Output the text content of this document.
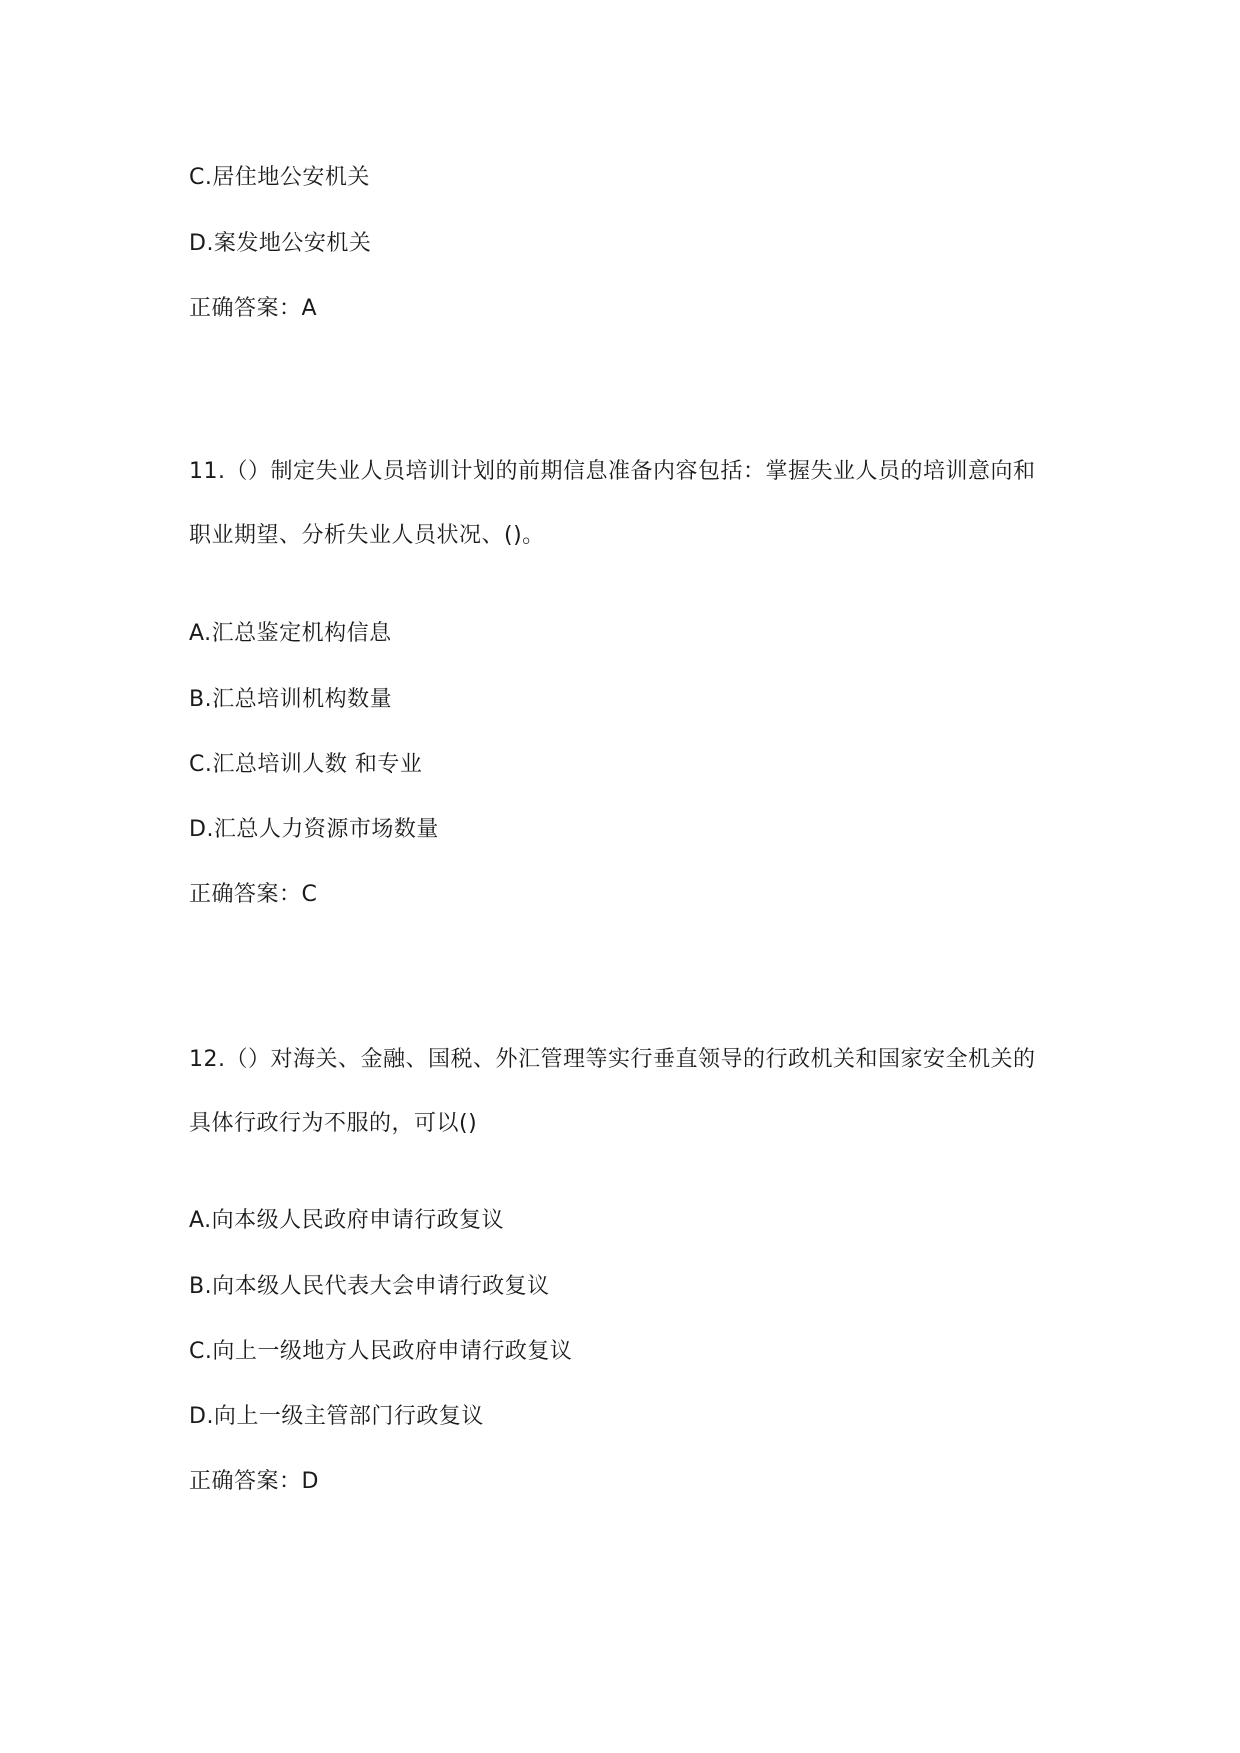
C.居住地公安机关
D.案发地公安机关
正确答案：A
11.（）制定失业人员培训计划的前期信息准备内容包括：掌握失业人员的培训意向和
职业期望、分析失业人员状况、()。
A.汇总鉴定机构信息
B.汇总培训机构数量
C.汇总培训人数 和专业
D.汇总人力资源市场数量
正确答案：C
12.（）对海关、金融、国税、外汇管理等实行垂直领导的行政机关和国家安全机关的
具体行政行为不服的，可以()
A.向本级人民政府申请行政复议
B.向本级人民代表大会申请行政复议
C.向上一级地方人民政府申请行政复议
D.向上一级主管部门行政复议
正确答案：D
